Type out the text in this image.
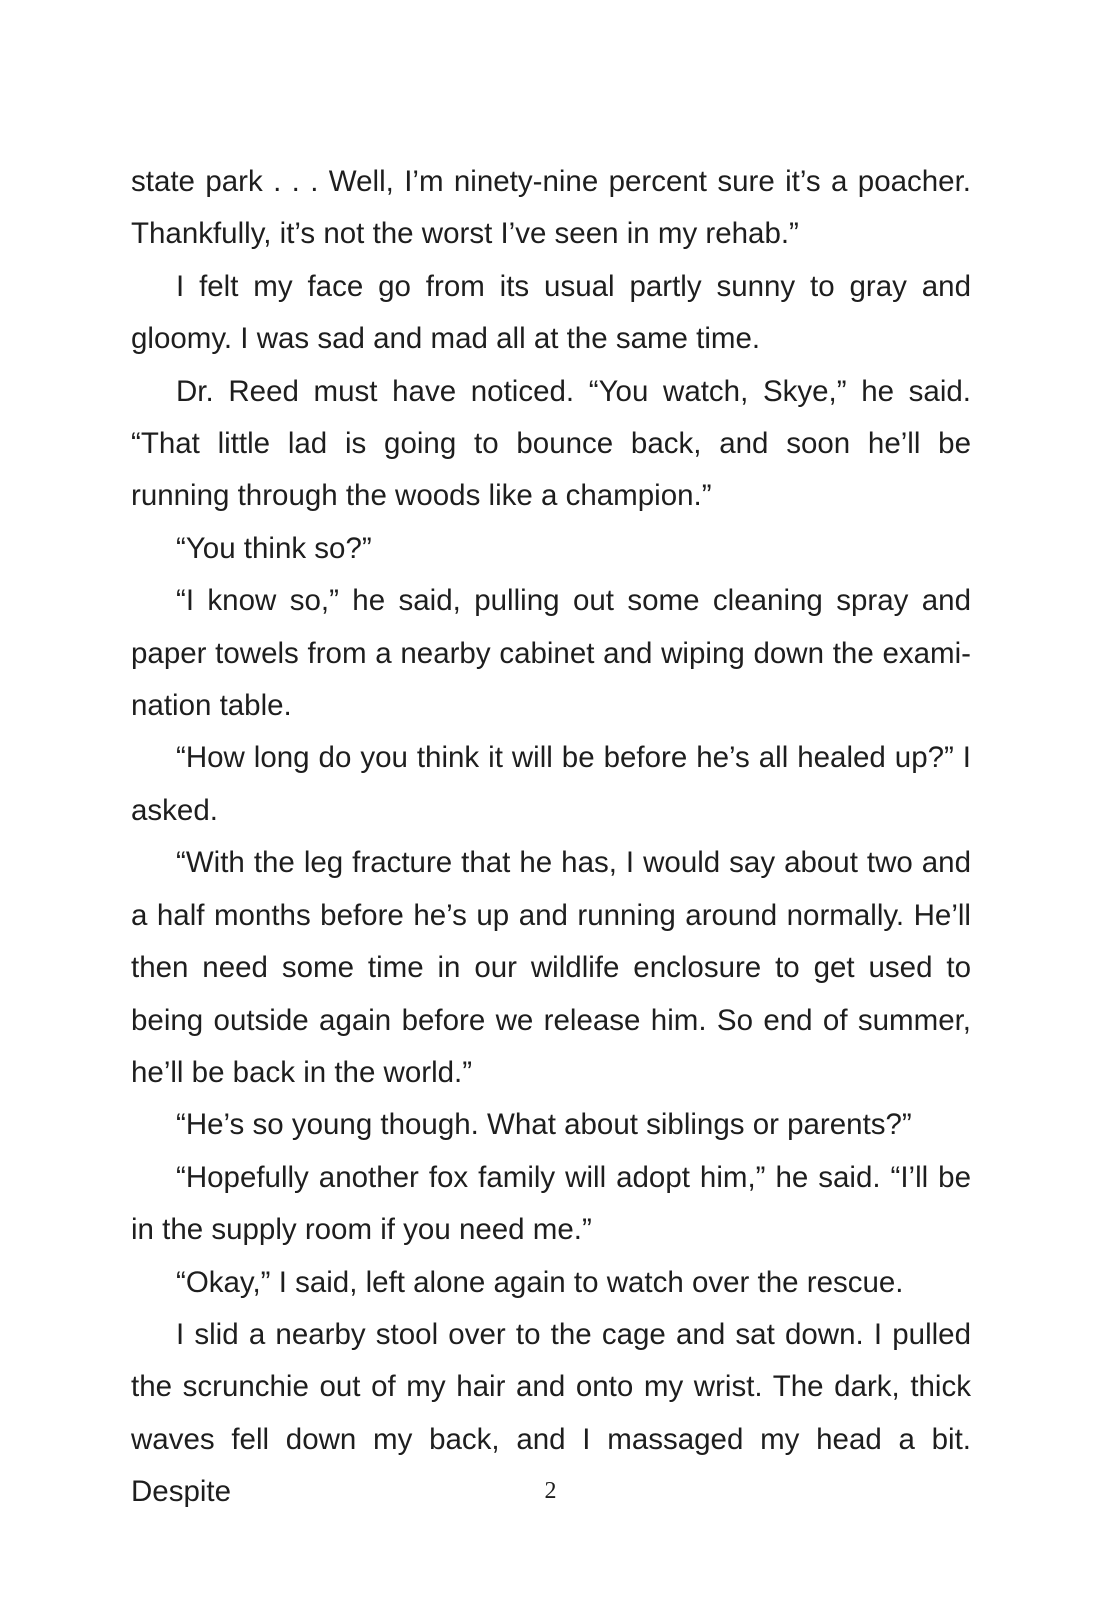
state park . . . Well, I’m ninety-nine percent sure it’s a poacher. Thankfully, it’s not the worst I’ve seen in my rehab.”

I felt my face go from its usual partly sunny to gray and gloomy. I was sad and mad all at the same time.

Dr. Reed must have noticed. “You watch, Skye,” he said. “That little lad is going to bounce back, and soon he’ll be running through the woods like a champion.”

“You think so?”

“I know so,” he said, pulling out some cleaning spray and paper towels from a nearby cabinet and wiping down the examination table.

“How long do you think it will be before he’s all healed up?” I asked.

“With the leg fracture that he has, I would say about two and a half months before he’s up and running around normally. He’ll then need some time in our wildlife enclosure to get used to being outside again before we release him. So end of summer, he’ll be back in the world.”

“He’s so young though. What about siblings or parents?”

“Hopefully another fox family will adopt him,” he said. “I’ll be in the supply room if you need me.”

“Okay,” I said, left alone again to watch over the rescue.

I slid a nearby stool over to the cage and sat down. I pulled the scrunchie out of my hair and onto my wrist. The dark, thick waves fell down my back, and I massaged my head a bit. Despite	2
